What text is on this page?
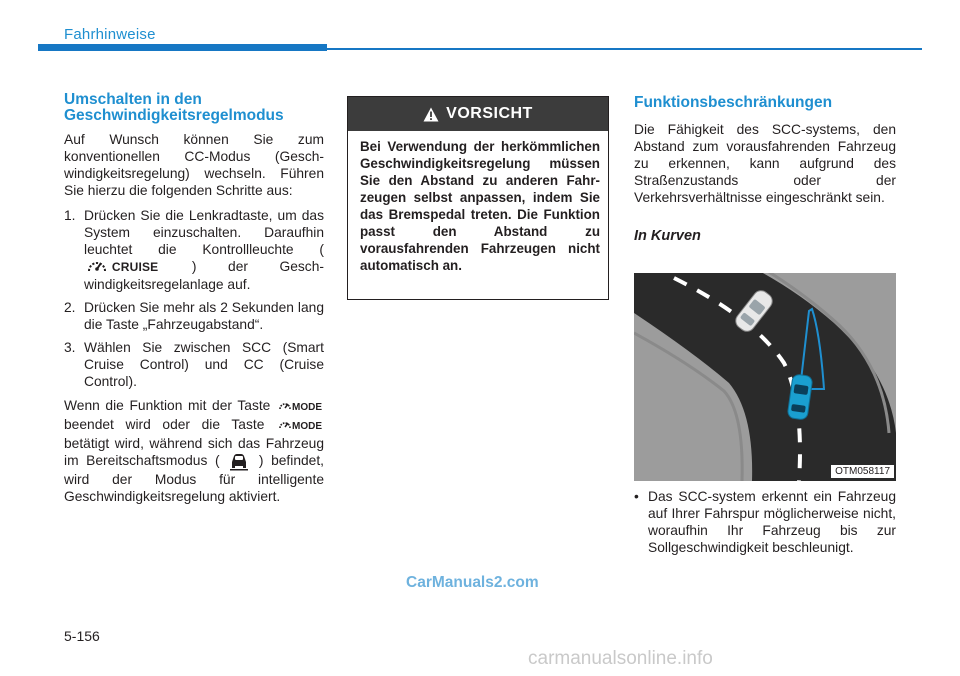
Fahrhinweise
Umschalten in den Geschwindigkeitsregelmodus

Auf Wunsch können Sie zum konventionellen CC-Modus (Geschwindigkeitsregelung) wechseln. Führen Sie hierzu die folgenden Schritte aus:

1. Drücken Sie die Lenkradtaste, um das System einzuschalten. Daraufhin leuchtet die Kontrollleuchte (  CRUISE ) der Geschwindigkeitsregelanlage auf.
2. Drücken Sie mehr als 2 Sekunden lang die Taste „Fahrzeugabstand“.
3. Wählen Sie zwischen SCC (Smart Cruise Control) und CC (Cruise Control).

Wenn die Funktion mit der Taste MODE beendet wird oder die Taste	MODE betätigt wird, während sich das Fahrzeug im Bereitschaftsmodus (	) befindet, wird der Modus für intelligente Geschwindigkeitsregelung aktiviert.

VORSICHT
Bei Verwendung der herkömmlichen Geschwindigkeitsregelung müssen Sie den Abstand zu anderen Fahrzeugen selbst anpassen, indem Sie das Bremspedal treten. Die Funktion passt den Abstand zu vorausfahrenden Fahrzeugen nicht automatisch an.
Funktionsbeschränkungen

Die Fähigkeit des SCC-systems, den Abstand zum vorausfahrenden Fahrzeug zu erkennen, kann aufgrund des Straßenzustands oder der Verkehrsverhältnisse eingeschränkt sein.

In Kurven
OTM058117
• Das SCC-system erkennt ein Fahrzeug auf Ihrer Fahrspur möglicherweise nicht, woraufhin Ihr Fahrzeug bis zur Sollgeschwindigkeit beschleunigt.
CarManuals2.com
5-156
carmanualsonline.info
